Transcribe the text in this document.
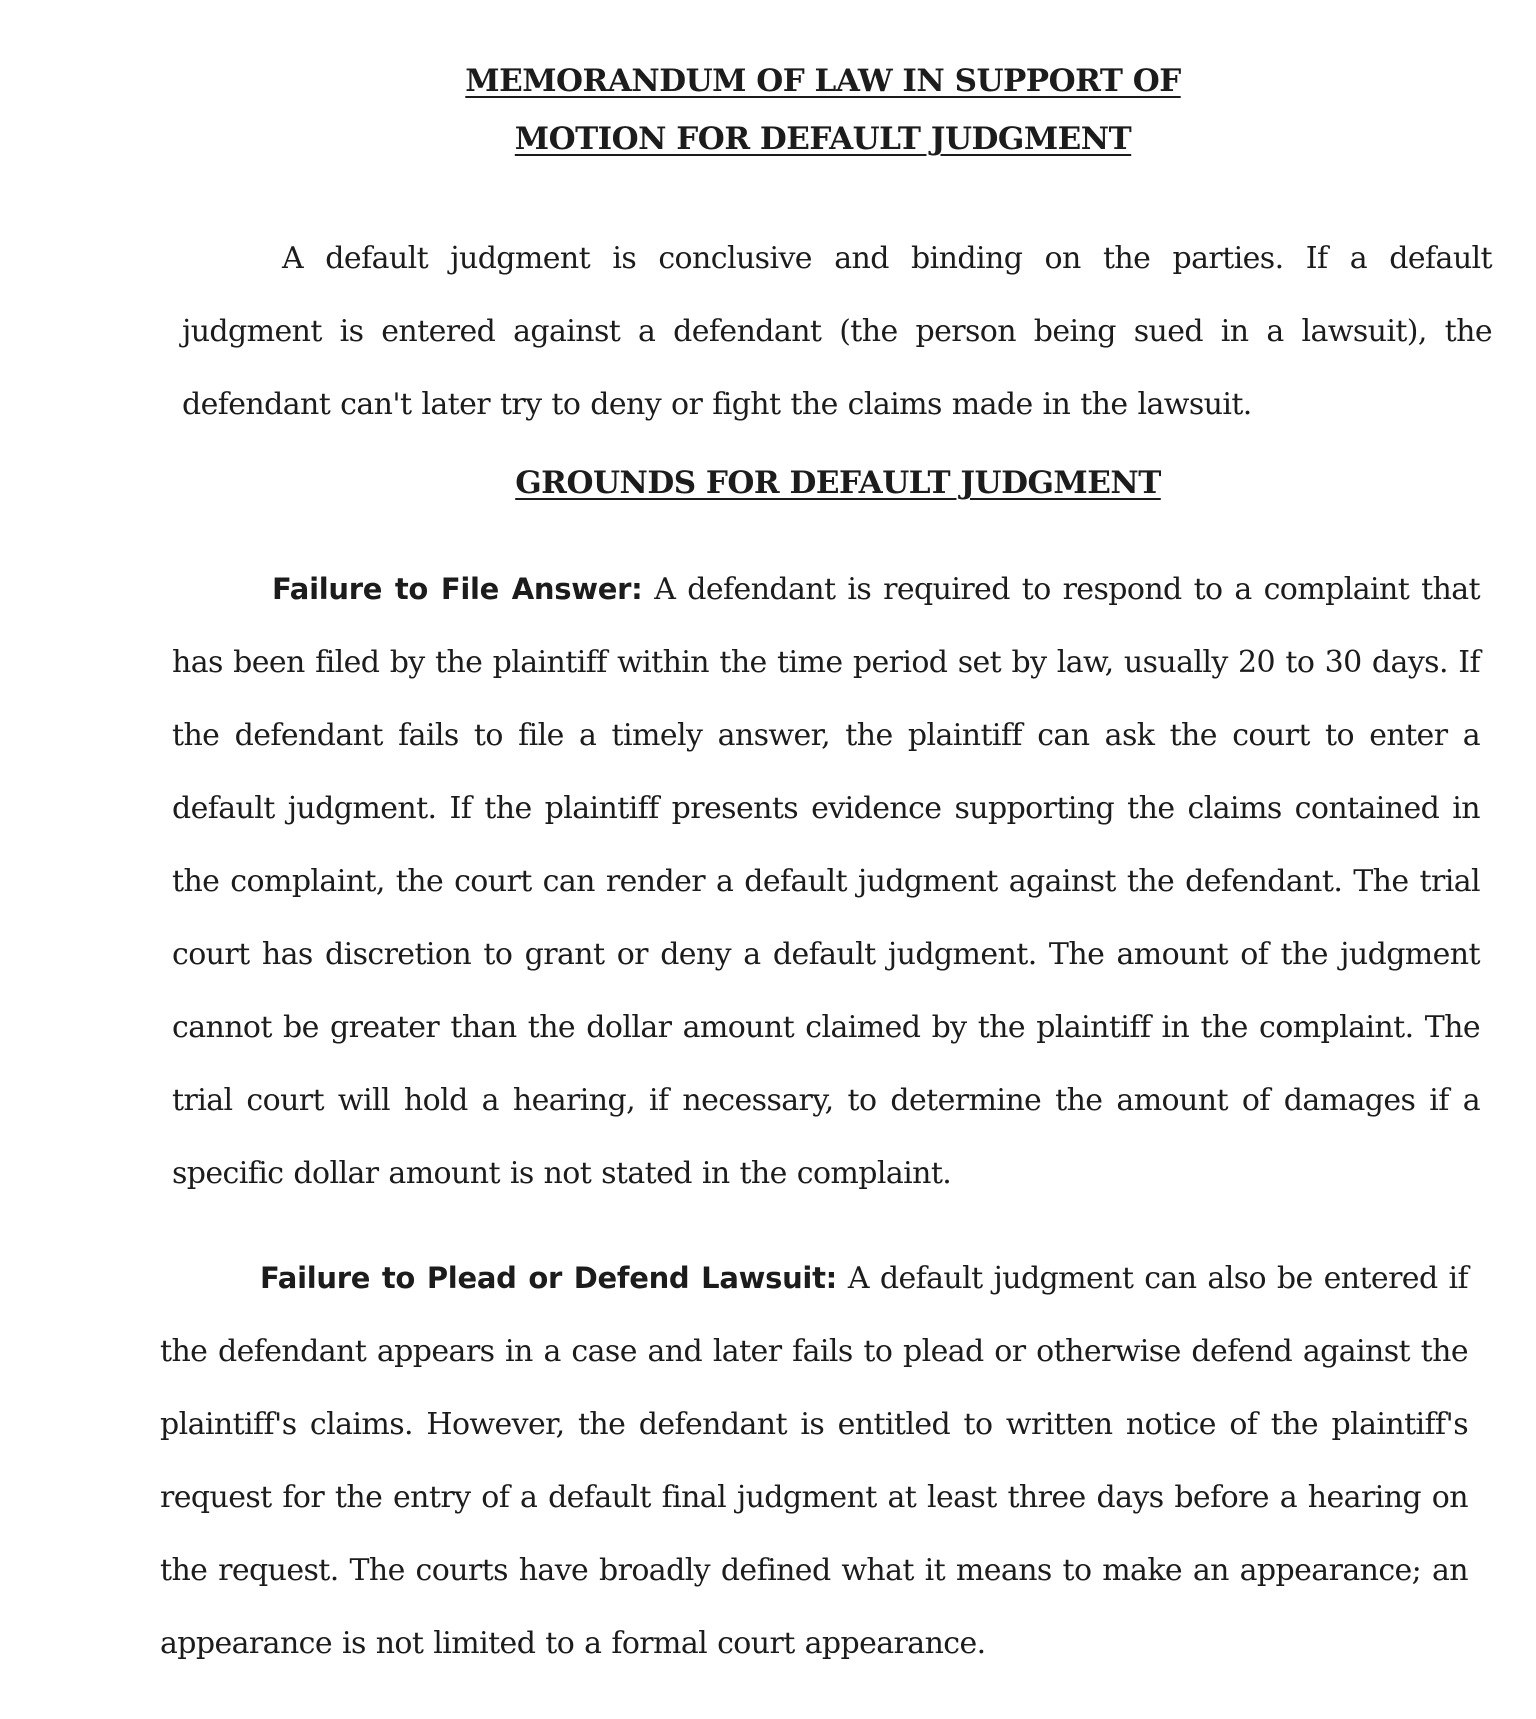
MEMORANDUM OF LAW IN SUPPORT OF
MOTION FOR DEFAULT JUDGMENT

A default judgment is conclusive and binding on the parties. If a default judgment is entered against a defendant (the person being sued in a lawsuit), the defendant can't later try to deny or fight the claims made in the lawsuit.

GROUNDS FOR DEFAULT JUDGMENT

Failure to File Answer: A defendant is required to respond to a complaint that has been filed by the plaintiff within the time period set by law, usually 20 to 30 days. If the defendant fails to file a timely answer, the plaintiff can ask the court to enter a default judgment. If the plaintiff presents evidence supporting the claims contained in the complaint, the court can render a default judgment against the defendant. The trial court has discretion to grant or deny a default judgment. The amount of the judgment cannot be greater than the dollar amount claimed by the plaintiff in the complaint. The trial court will hold a hearing, if necessary, to determine the amount of damages if a specific dollar amount is not stated in the complaint.

Failure to Plead or Defend Lawsuit: A default judgment can also be entered if the defendant appears in a case and later fails to plead or otherwise defend against the plaintiff's claims. However, the defendant is entitled to written notice of the plaintiff's request for the entry of a default final judgment at least three days before a hearing on the request. The courts have broadly defined what it means to make an appearance; an appearance is not limited to a formal court appearance.
